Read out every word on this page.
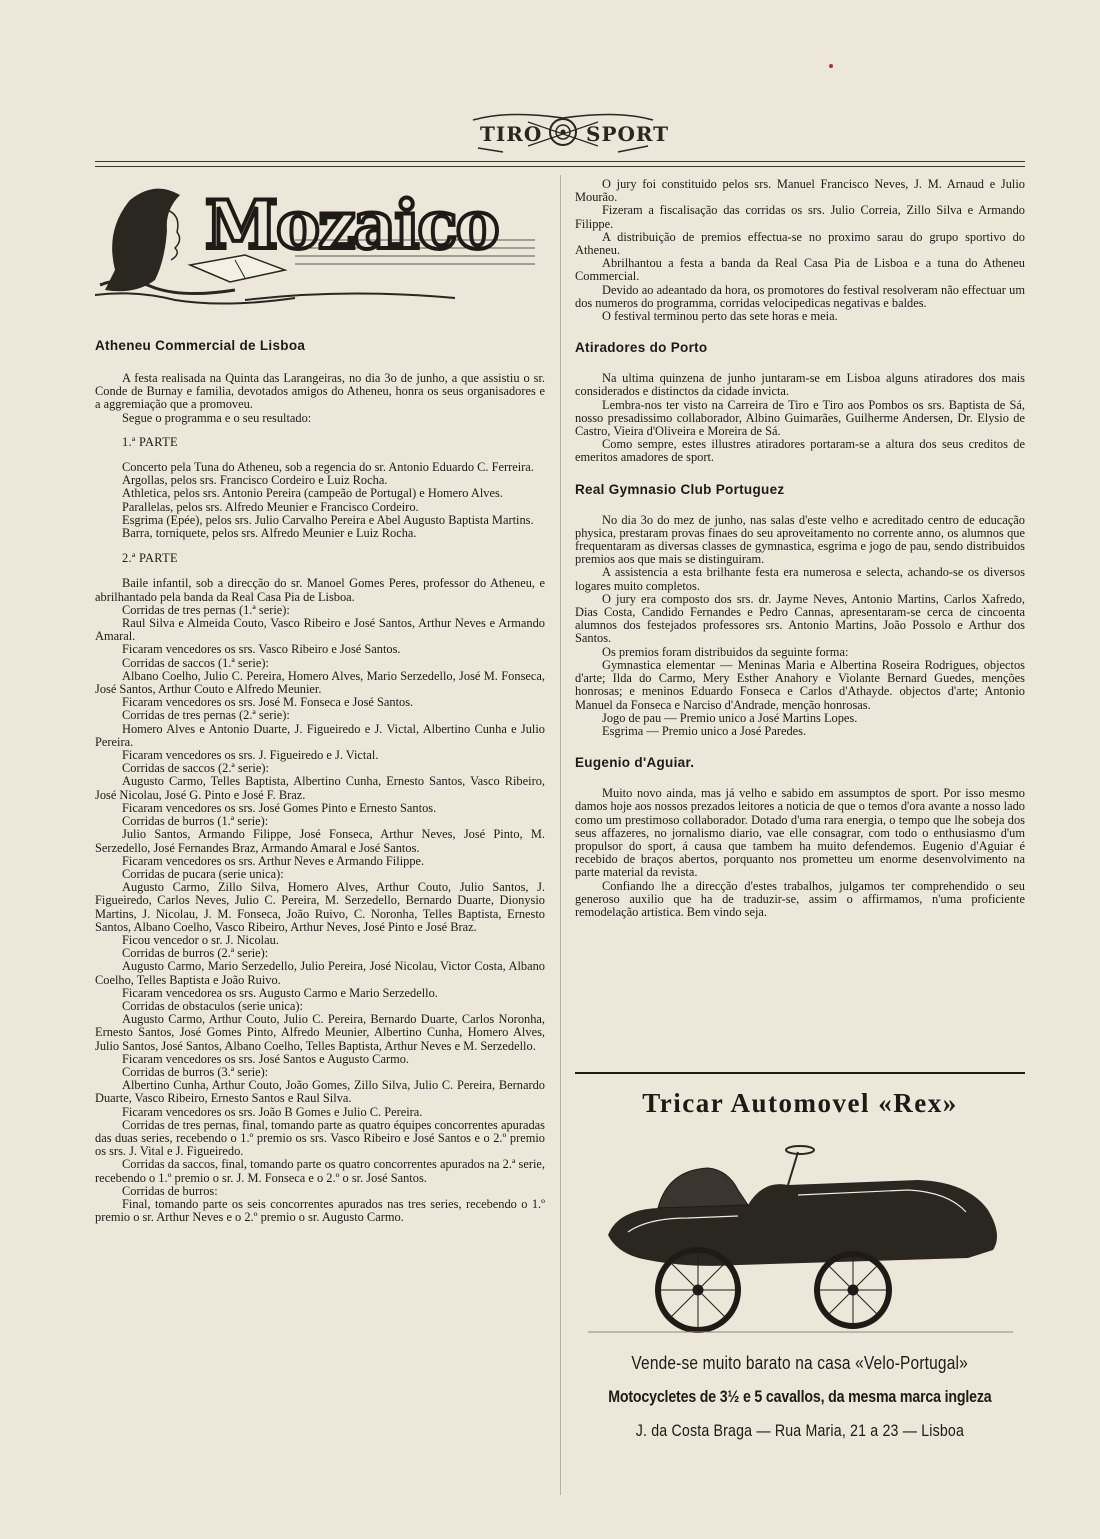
TIRO SPORT
Mozaico
Atheneu Commercial de Lisboa

A festa realisada na Quinta das Larangeiras, no dia 3o de junho, a que assistiu o sr. Conde de Burnay e familia, devotados amigos do Atheneu, honra os seus organisadores e a aggremiação que a promoveu.

Segue o programma e o seu resultado:

1.ª PARTE

Concerto pela Tuna do Atheneu, sob a regencia do sr. Antonio Eduardo C. Ferreira.

Argollas, pelos srs. Francisco Cordeiro e Luiz Rocha.

Athletica, pelos srs. Antonio Pereira (campeão de Portugal) e Homero Alves.

Parallelas, pelos srs. Alfredo Meunier e Francisco Cordeiro.

Esgrima (Epée), pelos srs. Julio Carvalho Pereira e Abel Augusto Baptista Martins.

Barra, torniquete, pelos srs. Alfredo Meunier e Luiz Rocha.

2.ª PARTE

Baile infantil, sob a direcção do sr. Manoel Gomes Peres, professor do Atheneu, e abrilhantado pela banda da Real Casa Pia de Lisboa.

Corridas de tres pernas (1.ª serie):

Raul Silva e Almeida Couto, Vasco Ribeiro e José Santos, Arthur Neves e Armando Amaral.

Ficaram vencedores os srs. Vasco Ribeiro e José Santos.

Corridas de saccos (1.ª serie):

Albano Coelho, Julio C. Pereira, Homero Alves, Mario Serzedello, José M. Fonseca, José Santos, Arthur Couto e Alfredo Meunier.

Ficaram vencedores os srs. José M. Fonseca e José Santos.

Corridas de tres pernas (2.ª serie):

Homero Alves e Antonio Duarte, J. Figueiredo e J. Victal, Albertino Cunha e Julio Pereira.

Ficaram vencedores os srs. J. Figueiredo e J. Victal.

Corridas de saccos (2.ª serie):

Augusto Carmo, Telles Baptista, Albertino Cunha, Ernesto Santos, Vasco Ribeiro, José Nicolau, José G. Pinto e José F. Braz.

Ficaram vencedores os srs. José Gomes Pinto e Ernesto Santos.

Corridas de burros (1.ª serie):

Julio Santos, Armando Filippe, José Fonseca, Arthur Neves, José Pinto, M. Serzedello, José Fernandes Braz, Armando Amaral e José Santos.

Ficaram vencedores os srs. Arthur Neves e Armando Filippe.

Corridas de pucara (serie unica):

Augusto Carmo, Zillo Silva, Homero Alves, Arthur Couto, Julio Santos, J. Figueiredo, Carlos Neves, Julio C. Pereira, M. Serzedello, Bernardo Duarte, Dionysio Martins, J. Nicolau, J. M. Fonseca, João Ruivo, C. Noronha, Telles Baptista, Ernesto Santos, Albano Coelho, Vasco Ribeiro, Arthur Neves, José Pinto e José Braz.

Ficou vencedor o sr. J. Nicolau.

Corridas de burros (2.ª serie):

Augusto Carmo, Mario Serzedello, Julio Pereira, José Nicolau, Victor Costa, Albano Coelho, Telles Baptista e João Ruivo.

Ficaram vencedorea os srs. Augusto Carmo e Mario Serzedello.

Corridas de obstaculos (serie unica):

Augusto Carmo, Arthur Couto, Julio C. Pereira, Bernardo Duarte, Carlos Noronha, Ernesto Santos, José Gomes Pinto, Alfredo Meunier, Albertino Cunha, Homero Alves, Julio Santos, José Santos, Albano Coelho, Telles Baptista, Arthur Neves e M. Serzedello.

Ficaram vencedores os srs. José Santos e Augusto Carmo.

Corridas de burros (3.ª serie):

Albertino Cunha, Arthur Couto, João Gomes, Zillo Silva, Julio C. Pereira, Bernardo Duarte, Vasco Ribeiro, Ernesto Santos e Raul Silva.

Ficaram vencedores os srs. João B Gomes e Julio C. Pereira.

Corridas de tres pernas, final, tomando parte as quatro équipes concorrentes apuradas das duas series, recebendo o 1.º premio os srs. Vasco Ribeiro e José Santos e o 2.º premio os srs. J. Vital e J. Figueiredo.

Corridas da saccos, final, tomando parte os quatro concorrentes apurados na 2.ª serie, recebendo o 1.º premio o sr. J. M. Fonseca e o 2.º o sr. José Santos.

Corridas de burros:

Final, tomando parte os seis concorrentes apurados nas tres series, recebendo o 1.º premio o sr. Arthur Neves e o 2.º premio o sr. Augusto Carmo.

O jury foi constituido pelos srs. Manuel Francisco Neves, J. M. Arnaud e Julio Mourão.

Fizeram a fiscalisação das corridas os srs. Julio Correia, Zillo Silva e Armando Filippe.

A distribuição de premios effectua-se no proximo sarau do grupo sportivo do Atheneu.

Abrilhantou a festa a banda da Real Casa Pia de Lisboa e a tuna do Atheneu Commercial.

Devido ao adeantado da hora, os promotores do festival resolveram não effectuar um dos numeros do programma, corridas velocipedicas negativas e baldes.

O festival terminou perto das sete horas e meia.

Atiradores do Porto

Na ultima quinzena de junho juntaram-se em Lisboa alguns atiradores dos mais considerados e distinctos da cidade invicta.

Lembra-nos ter visto na Carreira de Tiro e Tiro aos Pombos os srs. Baptista de Sá, nosso presadissimo collaborador, Albino Guimarães, Guilherme Andersen, Dr. Elysio de Castro, Vieira d'Oliveira e Moreira de Sá.

Como sempre, estes illustres atiradores portaram-se a altura dos seus creditos de emeritos amadores de sport.

Real Gymnasio Club Portuguez

No dia 3o do mez de junho, nas salas d'este velho e acreditado centro de educação physica, prestaram provas finaes do seu aproveitamento no corrente anno, os alumnos que frequentaram as diversas classes de gymnastica, esgrima e jogo de pau, sendo distribuidos premios aos que mais se distinguiram.

A assistencia a esta brilhante festa era numerosa e selecta, achando-se os diversos logares muito completos.

O jury era composto dos srs. dr. Jayme Neves, Antonio Martins, Carlos Xafredo, Dias Costa, Candido Fernandes e Pedro Cannas, apresentaram-se cerca de cincoenta alumnos dos festejados professores srs. Antonio Martins, João Possolo e Arthur dos Santos.

Os premios foram distribuidos da seguinte forma:

Gymnastica elementar — Meninas Maria e Albertina Roseira Rodrigues, objectos d'arte; Ilda do Carmo, Mery Esther Anahory e Violante Bernard Guedes, menções honrosas; e meninos Eduardo Fonseca e Carlos d'Athayde. objectos d'arte; Antonio Manuel da Fonseca e Narciso d'Andrade, menção honrosas.

Jogo de pau — Premio unico a José Martins Lopes.

Esgrima — Premio unico a José Paredes.

Eugenio d'Aguiar.

Muito novo ainda, mas já velho e sabido em assumptos de sport. Por isso mesmo damos hoje aos nossos prezados leitores a noticia de que o temos d'ora avante a nosso lado como um prestimoso collaborador. Dotado d'uma rara energia, o tempo que lhe sobeja dos seus affazeres, no jornalismo diario, vae elle consagrar, com todo o enthusiasmo d'um propulsor do sport, á causa que tambem ha muito defendemos. Eugenio d'Aguiar é recebido de braços abertos, porquanto nos prometteu um enorme desenvolvimento na parte material da revista.

Confiando lhe a direcção d'estes trabalhos, julgamos ter comprehendido o seu generoso auxilio que ha de traduzir-se, assim o affirmamos, n'uma proficiente remodelação artistica. Bem vindo seja.

Tricar Automovel «Rex»

Vende-se muito barato na casa «Velo-Portugal»

Motocycletes de 3½ e 5 cavallos, da mesma marca ingleza

J. da Costa Braga — Rua Maria, 21 a 23 — Lisboa
